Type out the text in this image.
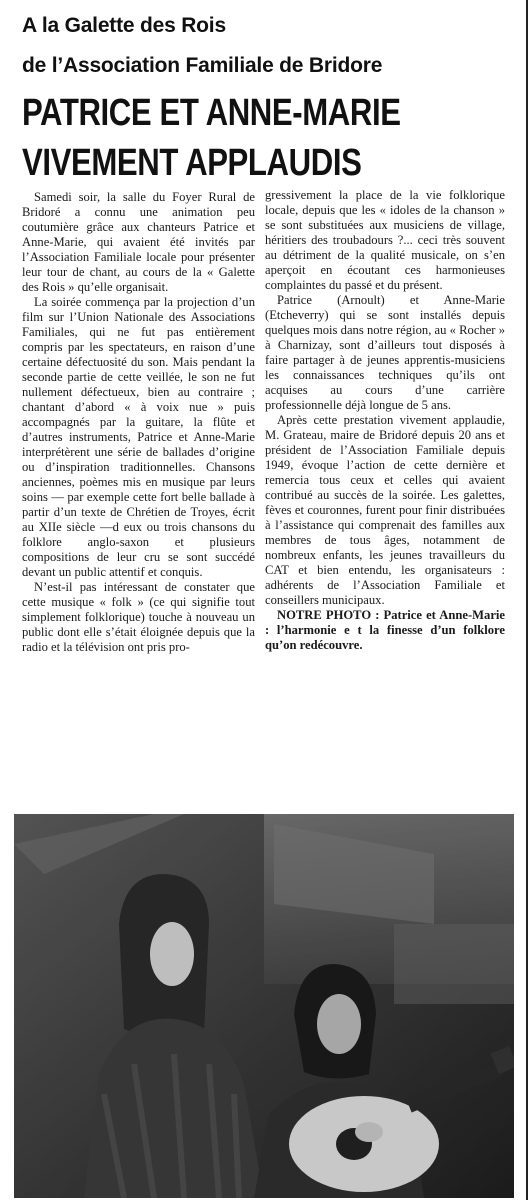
A la Galette des Rois
de l’Association Familiale de Bridore
PATRICE ET ANNE-MARIE
VIVEMENT APPLAUDIS

Samedi soir, la salle du Foyer Rural de Bridoré a connu une animation peu coutumière grâce aux chanteurs Patrice et Anne-Marie, qui avaient été invités par l’Association Familiale locale pour présenter leur tour de chant, au cours de la « Galette des Rois » qu’elle organisait.

La soirée commença par la projection d’un film sur l’Union Nationale des Associations Familiales, qui ne fut pas entièrement compris par les spectateurs, en raison d’une certaine défectuosité du son. Mais pendant la seconde partie de cette veillée, le son ne fut nullement défectueux, bien au contraire ; chantant d’abord « à voix nue » puis accompagnés par la guitare, la flûte et d’autres instruments, Patrice et Anne-Marie interprétèrent une série de ballades d’origine ou d’inspiration traditionnelles. Chansons anciennes, poèmes mis en musique par leurs soins — par exemple cette fort belle ballade à partir d’un texte de Chrétien de Troyes, écrit au XIIe siècle —d eux ou trois chansons du folklore anglo-saxon et plusieurs compositions de leur cru se sont succédé devant un public attentif et conquis.

N’est-il pas intéressant de constater que cette musique « folk » (ce qui signifie tout simplement folklorique) touche à nouveau un public dont elle s’était éloignée depuis que la radio et la télévision ont pris pro-

gressivement la place de la vie folklorique locale, depuis que les « idoles de la chanson » se sont substituées aux musiciens de village, héritiers des troubadours ?... ceci très souvent au détriment de la qualité musicale, on s’en aperçoit en écoutant ces harmonieuses complaintes du passé et du présent.

Patrice (Arnoult) et Anne-Marie (Etcheverry) qui se sont installés depuis quelques mois dans notre région, au « Rocher » à Charnizay, sont d’ailleurs tout disposés à faire partager à de jeunes apprentis-musiciens les connaissances techniques qu’ils ont acquises au cours d’une carrière professionnelle déjà longue de 5 ans.

Après cette prestation vivement applaudie, M. Grateau, maire de Bridoré depuis 20 ans et président de l’Association Familiale depuis 1949, évoque l’action de cette dernière et remercia tous ceux et celles qui avaient contribué au succès de la soirée. Les galettes, fèves et couronnes, furent pour finir distribuées à l’assistance qui comprenait des familles aux membres de tous âges, notamment de nombreux enfants, les jeunes travailleurs du CAT et bien entendu, les organisateurs : adhérents de l’Association Familiale et conseillers municipaux.

NOTRE PHOTO : Patrice et Anne-Marie : l’harmonie e t la finesse d’un folklore qu’on redécouvre.
